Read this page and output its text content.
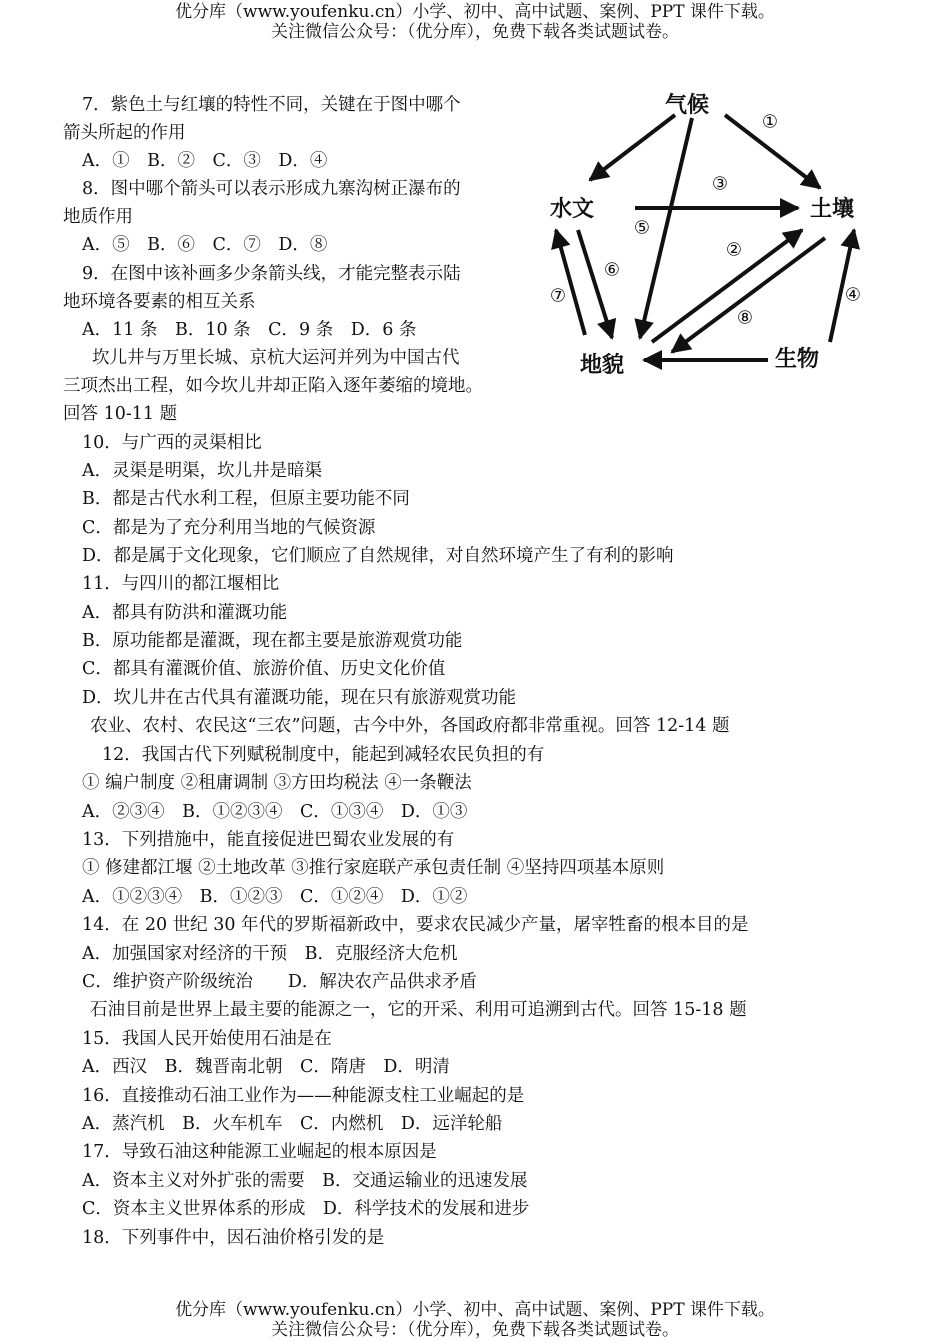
优分库（www.youfenku.cn）小学、初中、高中试题、案例、PPT 课件下载。
关注微信公众号：（优分库），免费下载各类试题试卷。
7．紫色土与红壤的特性不同，关键在于图中哪个
箭头所起的作用
A．①　B．②　C．③　D．④
8．图中哪个箭头可以表示形成九寨沟树正瀑布的
地质作用
A．⑤　B．⑥　C．⑦　D．⑧
9．在图中该补画多少条箭头线，才能完整表示陆
地环境各要素的相互关系
A．11 条　B．10 条　C．9 条　D．6 条
坎儿井与万里长城、京杭大运河并列为中国古代
三项杰出工程，如今坎儿井却正陷入逐年萎缩的境地。
回答 10-11 题
10．与广西的灵渠相比
A．灵渠是明渠，坎儿井是暗渠
B．都是古代水利工程，但原主要功能不同
C．都是为了充分利用当地的气候资源
D．都是属于文化现象，它们顺应了自然规律，对自然环境产生了有利的影响
11．与四川的都江堰相比
A．都具有防洪和灌溉功能
B．原功能都是灌溉，现在都主要是旅游观赏功能
C．都具有灌溉价值、旅游价值、历史文化价值
D．坎儿井在古代具有灌溉功能，现在只有旅游观赏功能
农业、农村、农民这“三农”问题，古今中外，各国政府都非常重视。回答 12-14 题
12．我国古代下列赋税制度中，能起到减轻农民负担的有
① 编户制度 ②租庸调制 ③方田均税法 ④一条鞭法
A．②③④　B．①②③④　C．①③④　D．①③
13．下列措施中，能直接促进巴蜀农业发展的有
① 修建都江堰 ②土地改革 ③推行家庭联产承包责任制 ④坚持四项基本原则
A．①②③④　B．①②③　C．①②④　D．①②
14．在 20 世纪 30 年代的罗斯福新政中，要求农民减少产量，屠宰牲畜的根本目的是
A．加强国家对经济的干预　B．克服经济大危机
C．维护资产阶级统治　　D．解决农产品供求矛盾
石油目前是世界上最主要的能源之一，它的开采、利用可追溯到古代。回答 15-18 题
15．我国人民开始使用石油是在
A．西汉　B．魏晋南北朝　C．隋唐　D．明清
16．直接推动石油工业作为——种能源支柱工业崛起的是
A．蒸汽机　B．火车机车　C．内燃机　D．远洋轮船
17．导致石油这种能源工业崛起的根本原因是
A．资本主义对外扩张的需要　B．交通运输业的迅速发展
C．资本主义世界体系的形成　D．科学技术的发展和进步
18．下列事件中，因石油价格引发的是
气候
水文	土壤
地貌	生物
①
③
⑤
②
⑥
⑦
⑧
④
优分库（www.youfenku.cn）小学、初中、高中试题、案例、PPT 课件下载。
关注微信公众号：（优分库），免费下载各类试题试卷。
